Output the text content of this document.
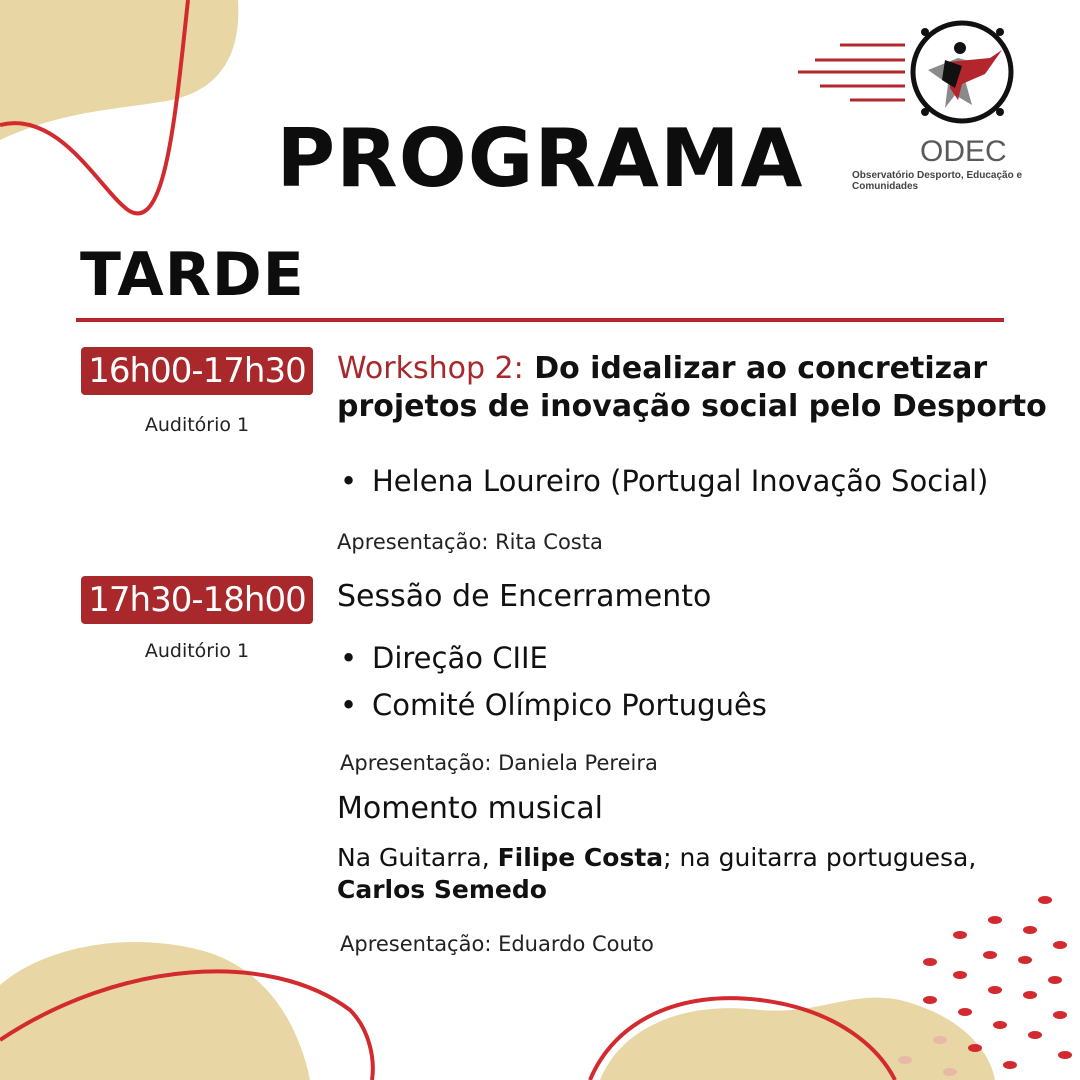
ODEC
Observatório Desporto, Educação e Comunidades
PROGRAMA
TARDE
16h00-17h30
Auditório 1
Workshop 2: Do idealizar ao concretizar
projetos de inovação social pelo Desporto
• Helena Loureiro (Portugal Inovação Social)
Apresentação: Rita Costa
17h30-18h00
Auditório 1
Sessão de Encerramento
• Direção CIIE
• Comité Olímpico Português
Apresentação: Daniela Pereira
Momento musical
Na Guitarra, Filipe Costa; na guitarra portuguesa,
Carlos Semedo
Apresentação: Eduardo Couto
